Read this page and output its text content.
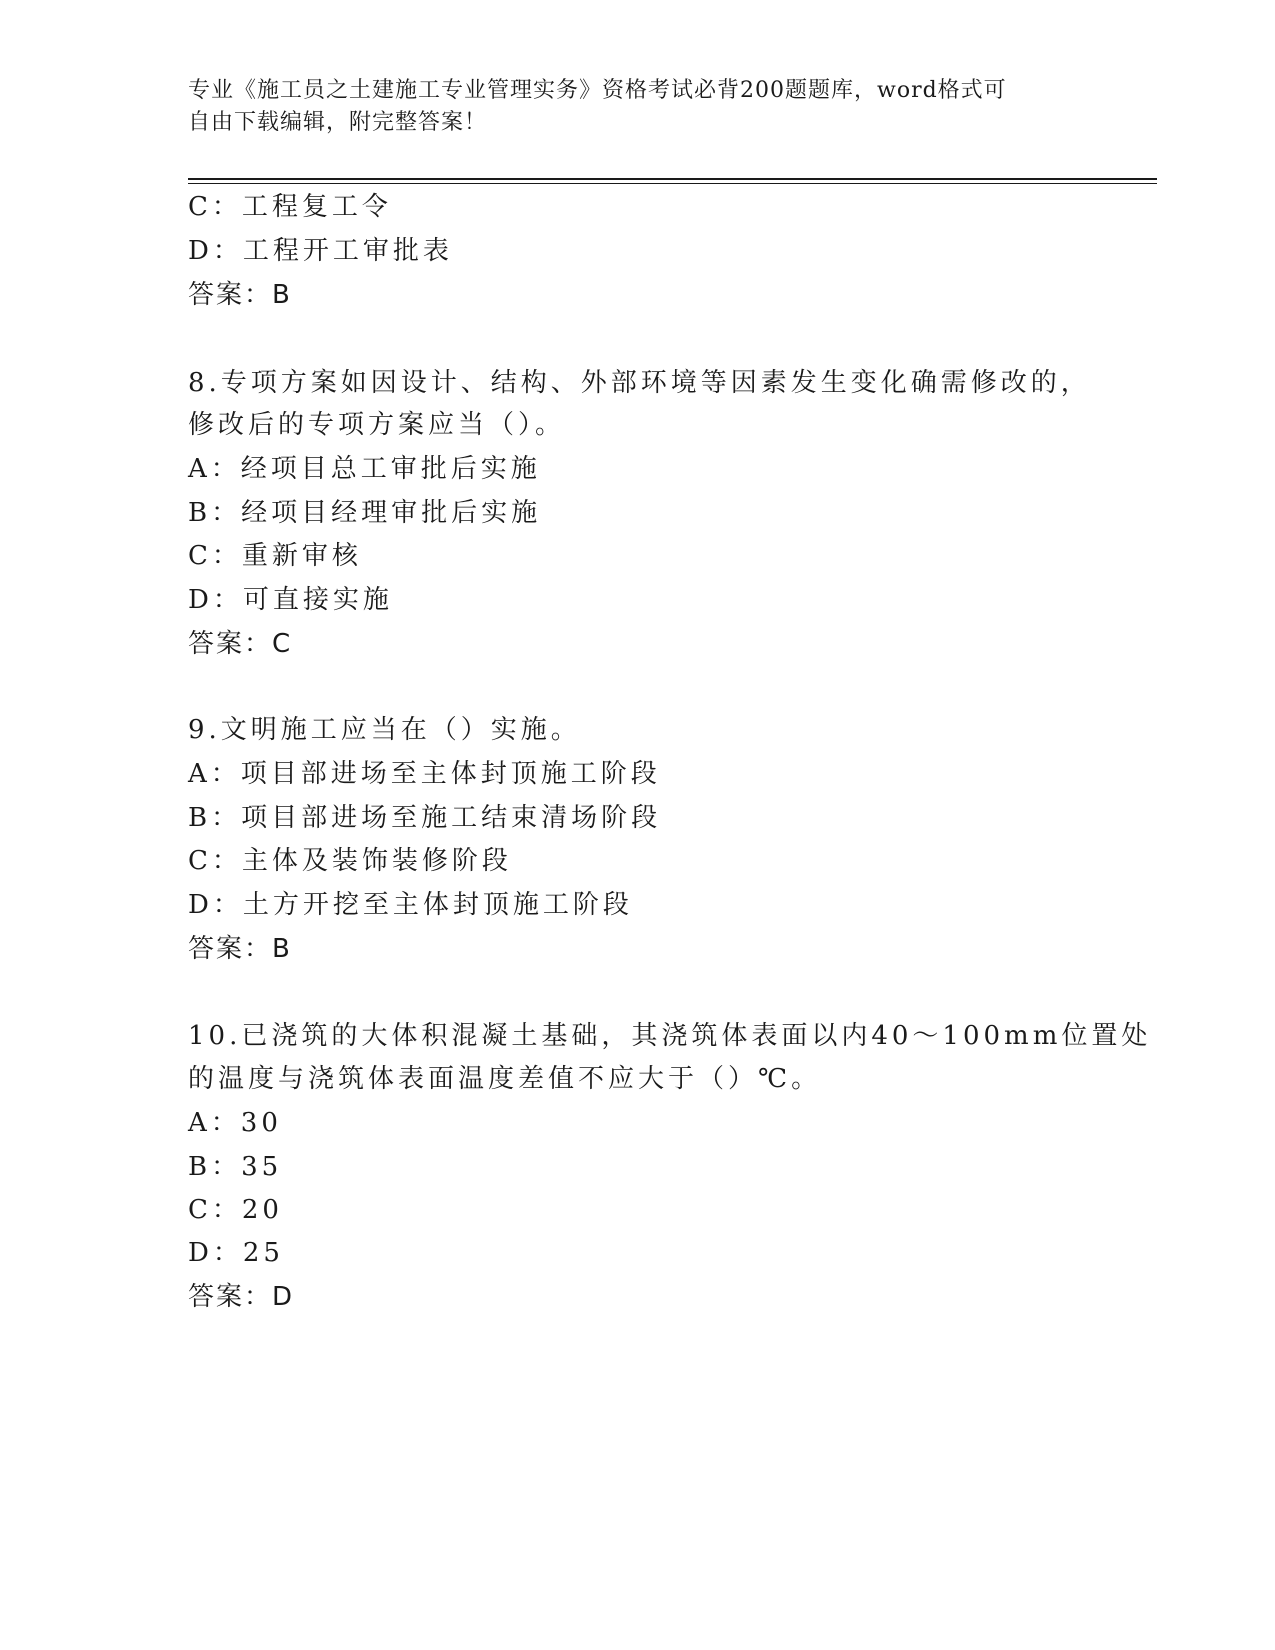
专业《施工员之土建施工专业管理实务》资格考试必背200题题库，word格式可
自由下载编辑，附完整答案！
C：工程复工令
D：工程开工审批表
答案：B
8.专项方案如因设计、结构、外部环境等因素发生变化确需修改的，
修改后的专项方案应当（）。
A：经项目总工审批后实施
B：经项目经理审批后实施
C：重新审核
D：可直接实施
答案：C
9.文明施工应当在（）实施。
A：项目部进场至主体封顶施工阶段
B：项目部进场至施工结束清场阶段
C：主体及装饰装修阶段
D：土方开挖至主体封顶施工阶段
答案：B
10.已浇筑的大体积混凝土基础，其浇筑体表面以内40～100mm位置处
的温度与浇筑体表面温度差值不应大于（）℃。
A：30
B：35
C：20
D：25
答案：D
